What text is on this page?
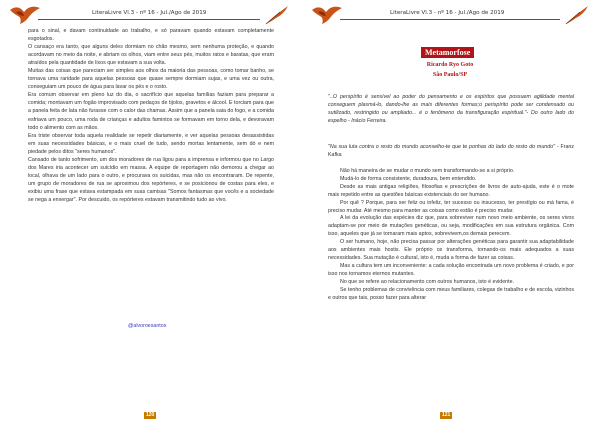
LiteraLivre Vl.3 - nº 16 - Jul./Ago de 2019

para o sinal, e davam continuidade ao trabalho, e só paravam quando estavam completamente esgotados.

O cansaço era tanto, que alguns deles dormiam no chão mesmo, sem nenhuma proteção, e quando acordavam no meio da noite, e abriam os olhos, viam entre seus pés, muitos ratos e baratas, que eram atraídos pela quantidade de lixos que estavam a sua volta.

Muitas das coisas que pareciam ser simples aos olhos da maioria das pessoas, como tomar banho, se tornava uma raridade para aquelas pessoas que quase sempre dormiam sujas, e uma vez ou outra, conseguiam um pouco de água para lavar os pés e o rosto.

Era comum observar em pleno luz do dia, o sacrifício que aquelas famílias faziam para preparar a comida; montavam um fogão improvisado com pedaços de tijolos, gravetos e álcool. E torciam para que a panela feita de lata não furasse com o calor das chamas. Assim que a panela saia do fogo, e a comida esfriava um pouco, uma roda de crianças e adultos famintos se formavam em torno dela, e devoravam todo o alimento com as mãos.

Era triste observar toda aquela realidade se repetir diariamente, e ver aquelas pessoas desassistidas em suas necessidades básicas, e o mais cruel de tudo, sendo mortas lentamente, sem dó e nem piedade pelos ditos "seres humanos".

Cansado de tanto sofrimento, um dos moradores de rua ligou para a imprensa e informou que no Largo dos Mares iria acontecer um suicídio em massa. A equipe de reportagem não demorou a chegar ao local, olhava de um lado para o outro, e procurava os suicidas, mas não os encontraram. De repente, um grupo de moradores de rua se aproximou dos repórteres, e se posicionou de costas para eles, e exibiu uma frase que estava estampada em suas camisas "Somos fantasmas que vocês e a sociedade se nega a enxergar". Por descuido, os repórteres estavam transmitindo tudo ao vivo.

@alvoroesantos
120
LiteraLivre Vl.3 - nº 16 - Jul./Ago de 2019
Metamorfose
Ricardo Ryo Goto
São Paulo/SP
"..O perspírito é sensível ao poder do pensamento e os espíritos que possuem agilidade mental conseguem plasmá-lo, dando-lhe as mais diferentes formas;o perispírito pode ser condensado ou sutilizado, restringido ou ampliado... é o fenômeno da transfiguração espiritual."- Do outro lado do espelho - Inácio Ferreira.
"Na sua luta contra o resto do mundo aconselho-te que te ponhas do lado do resto do mundo" - Franz Kafka

Não há maneira de se mudar o mundo sem transformando-se a si próprio.

Mudá-lo de forma consistente, duradoura, bem entendido.

Desde as mais antigas religiões, filosofias e prescrições de livros de auto-ajuda, este é o mote mais repetido entre as questões básicas existenciais do ser humano.

Por quê ? Porque, para ser feliz ou infeliz, ter sucesso ou insucesso, ter prestígio ou má fama, é preciso mudar. Até mesmo para manter as coisas como estão é preciso mudar.

A lei da evolução das espécies diz que, para sobreviver num novo meio ambiente, os seres vivos adaptam-se por meio de mutações genéticas, ou seja, modificações em sua estrutura orgânica. Com isso, aqueles que já se tornaram mais aptos, sobrevivem,os demais perecem.

O ser humano, hoje, não precisa passar por alterações genéticas para garantir sua adaptabilidade aos ambientes mais hostis. Ele próprio os transforma, tornando-os mais adequados a suas necessidades. Sua mutação é cultural, isto é, muda a forma de fazer as coisas.

Mas a cultura tem um inconveniente: a cada solução encontrada um novo problema é criado, e por isso nos tornamos eternos mutantes.

No que se refere ao relacionamento com outros humanos, isto é evidente.

Se tenho problemas de convivência com meus familiares, colegas de trabalho e de escola, vizinhos e outros que tais, posso fazer para alterar

121
